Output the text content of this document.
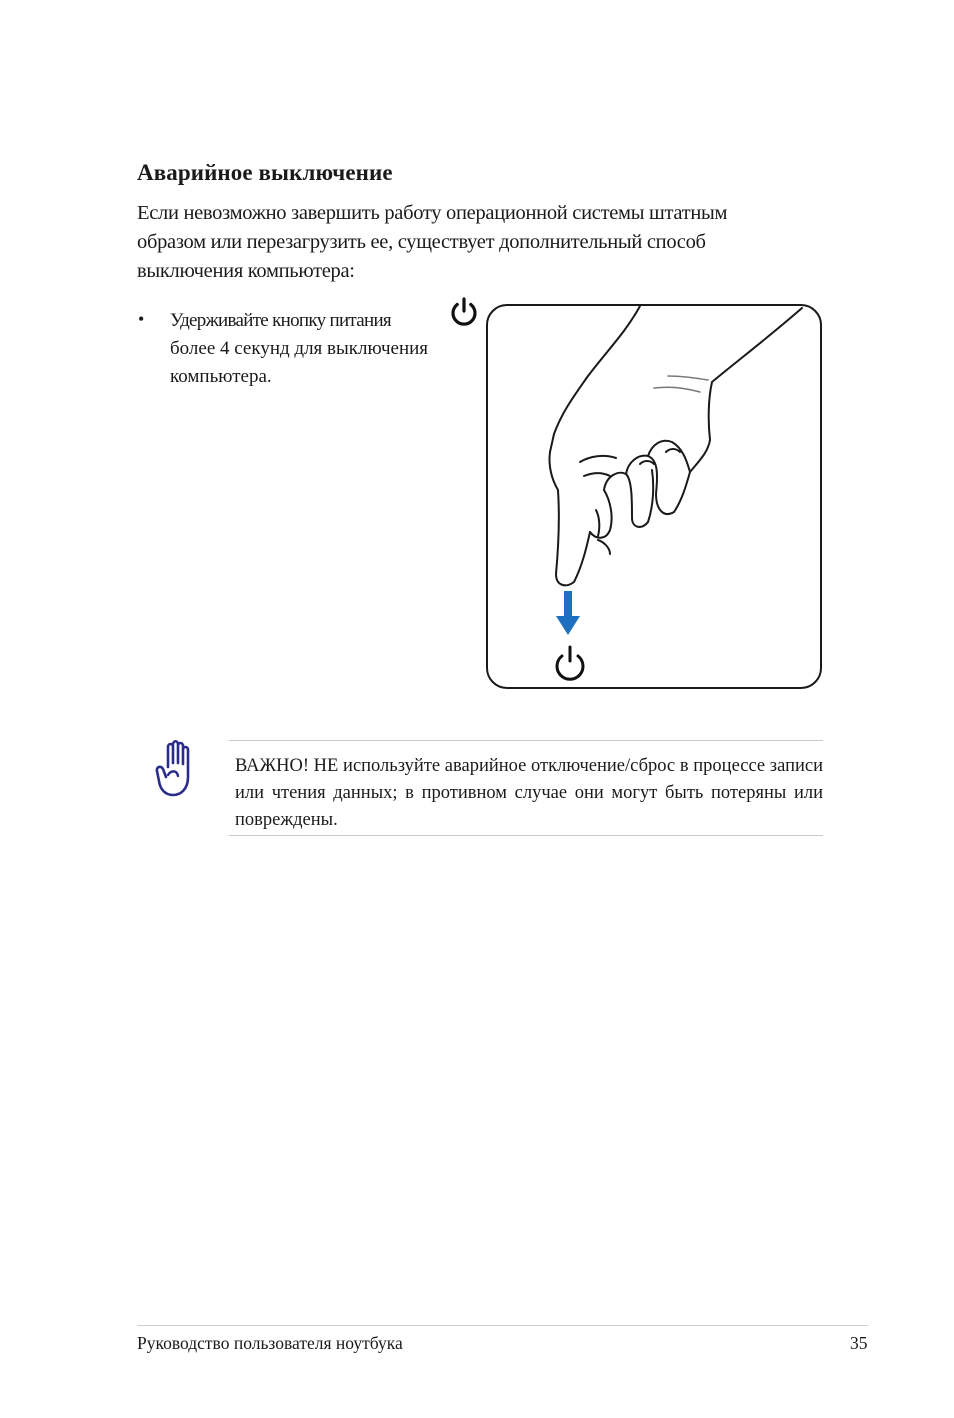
Аварийное выключение
Если невозможно завершить работу операционной системы штатным
образом или перезагрузить ее, существует дополнительный способ
выключения компьютера:
• Удерживайте кнопку питания
более 4 секунд для выключения
компьютера.
ВАЖНО! НЕ используйте аварийное отключение/сброс в процессе записи или чтения данных; в противном случае они могут быть потеряны или повреждены.
Руководство пользователя ноутбука	35
